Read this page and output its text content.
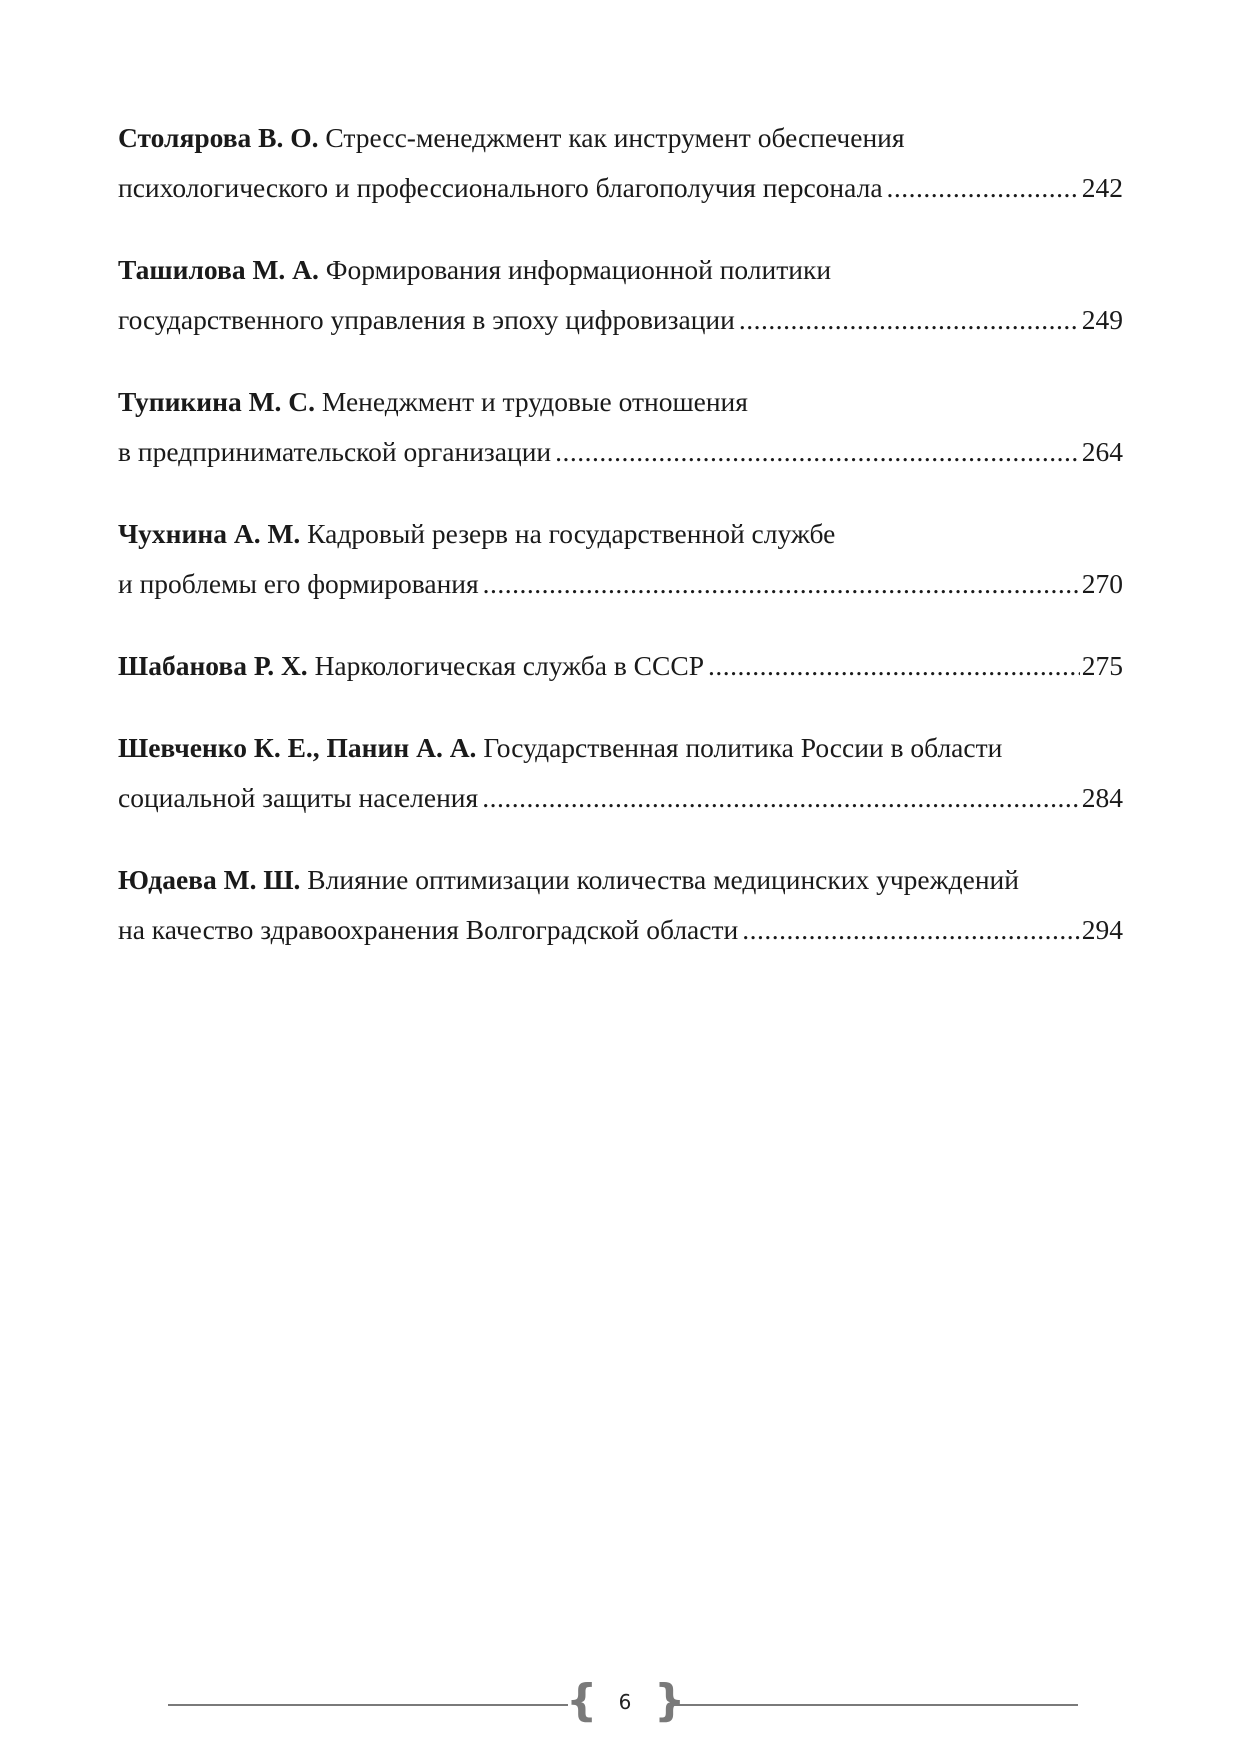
Столярова В. О. Стресс-менеджмент как инструмент обеспечения
психологического и профессионального благополучия персонала .....	242
Ташилова М. А. Формирования информационной политики
государственного управления в эпоху цифровизации .....	249
Тупикина М. С. Менеджмент и трудовые отношения
в предпринимательской организации .....	264
Чухнина А. М. Кадровый резерв на государственной службе
и проблемы его формирования .....	270
Шабанова Р. Х. Наркологическая служба в СССР .....	275
Шевченко К. Е., Панин А. А. Государственная политика России в области
социальной защиты населения .....	284
Юдаева М. Ш. Влияние оптимизации количества медицинских учреждений
на качество здравоохранения Волгоградской области .....	294
{	6 }
